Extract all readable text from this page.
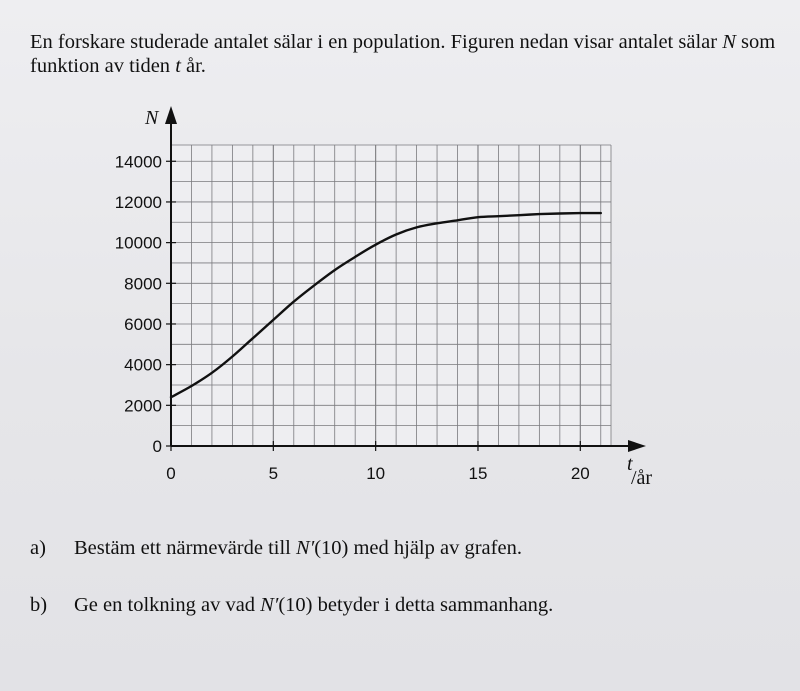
En forskare studerade antalet sälar i en population. Figuren nedan visar antalet sälar N som funktion av tiden t år.
0
2000
4000
6000
8000
10000
12000
14000
0	5	10	15	20
N
t
/år
a) Bestäm ett närmevärde till N′(10) med hjälp av grafen.
b) Ge en tolkning av vad N′(10) betyder i detta sammanhang.
